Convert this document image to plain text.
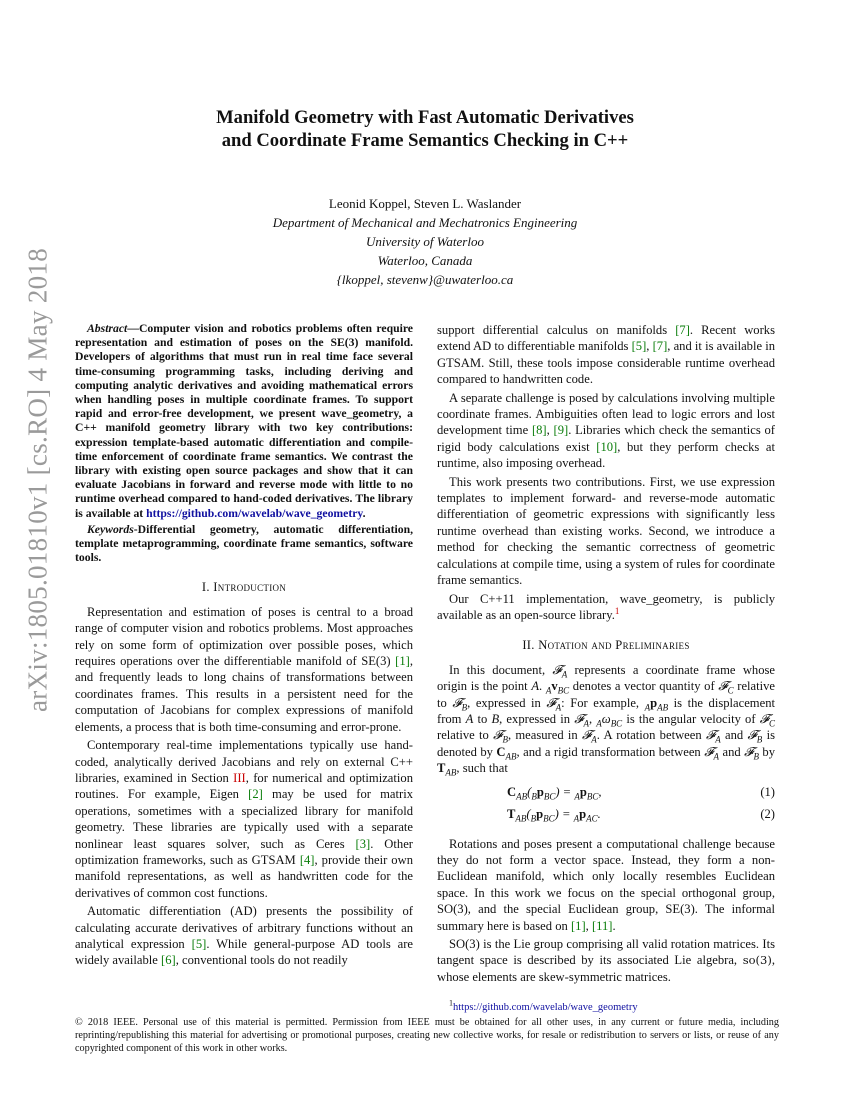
arXiv:1805.01810v1 [cs.RO] 4 May 2018
Manifold Geometry with Fast Automatic Derivatives
and Coordinate Frame Semantics Checking in C++
Leonid Koppel, Steven L. Waslander
Department of Mechanical and Mechatronics Engineering
University of Waterloo
Waterloo, Canada
{lkoppel, stevenw}@uwaterloo.ca

Abstract—Computer vision and robotics problems often require representation and estimation of poses on the SE(3) manifold. Developers of algorithms that must run in real time face several time-consuming programming tasks, including deriving and computing analytic derivatives and avoiding mathematical errors when handling poses in multiple coordinate frames. To support rapid and error-free development, we present wave_geometry, a C++ manifold geometry library with two key contributions: expression template-based automatic differentiation and compile-time enforcement of coordinate frame semantics. We contrast the library with existing open source packages and show that it can evaluate Jacobians in forward and reverse mode with little to no runtime overhead compared to hand-coded derivatives. The library is available at https://github.com/wavelab/wave_geometry.

Keywords-Differential geometry, automatic differentiation, template metaprogramming, coordinate frame semantics, software tools.

I. Introduction

Representation and estimation of poses is central to a broad range of computer vision and robotics problems. Most approaches rely on some form of optimization over possible poses, which requires operations over the differentiable manifold of SE(3) [1], and frequently leads to long chains of transformations between coordinates frames. This results in a persistent need for the computation of Jacobians for complex expressions of manifold elements, a process that is both time-consuming and error-prone.

Contemporary real-time implementations typically use hand-coded, analytically derived Jacobians and rely on external C++ libraries, examined in Section III, for numerical and optimization routines. For example, Eigen [2] may be used for matrix operations, sometimes with a specialized library for manifold geometry. These libraries are typically used with a separate nonlinear least squares solver, such as Ceres [3]. Other optimization frameworks, such as GTSAM [4], provide their own manifold representations, as well as handwritten code for the derivatives of common cost functions.

Automatic differentiation (AD) presents the possibility of calculating accurate derivatives of arbitrary functions without an analytical expression [5]. While general-purpose AD tools are widely available [6], conventional tools do not readily

support differential calculus on manifolds [7]. Recent works extend AD to differentiable manifolds [5], [7], and it is available in GTSAM. Still, these tools impose considerable runtime overhead compared to handwritten code.

A separate challenge is posed by calculations involving multiple coordinate frames. Ambiguities often lead to logic errors and lost development time [8], [9]. Libraries which check the semantics of rigid body calculations exist [10], but they perform checks at runtime, also imposing overhead.

This work presents two contributions. First, we use expression templates to implement forward- and reverse-mode automatic differentiation of geometric expressions with significantly less runtime overhead than existing works. Second, we introduce a method for checking the semantic correctness of geometric calculations at compile time, using a system of rules for coordinate frame semantics.

Our C++11 implementation, wave_geometry, is publicly available as an open-source library.$^1$

II. Notation and Preliminaries

In this document, 𝓕$_A$ represents a coordinate frame whose origin is the point A. $_Av_{BC}$ denotes a vector quantity of 𝓕$_C$ relative to 𝓕$_B$, expressed in 𝓕$_A$: For example, $_Ap_{AB}$ is the displacement from A to B, expressed in 𝓕$_A$, $_A\omega_{BC}$ is the angular velocity of 𝓕$_C$ relative to 𝓕$_B$, measured in 𝓕$_A$. A rotation between 𝓕$_A$ and 𝓕$_B$ is denoted by $C_{AB}$, and a rigid transformation between 𝓕$_A$ and 𝓕$_B$ by $T_{AB}$, such that

$C_{AB}(_Bp_{BC}) = _Ap_{BC}$,	(1)
$T_{AB}(_Bp_{BC}) = _Ap_{AC}$.	(2)

Rotations and poses present a computational challenge because they do not form a vector space. Instead, they form a non-Euclidean manifold, which only locally resembles Euclidean space. In this work we focus on the special orthogonal group, SO(3), and the special Euclidean group, SE(3). The informal summary here is based on [1], [11].

SO(3) is the Lie group comprising all valid rotation matrices. Its tangent space is described by its associated Lie algebra, so(3), whose elements are skew-symmetric matrices.

$^1$https://github.com/wavelab/wave_geometry
© 2018 IEEE. Personal use of this material is permitted. Permission from IEEE must be obtained for all other uses, in any current or future media, including reprinting/republishing this material for advertising or promotional purposes, creating new collective works, for resale or redistribution to servers or lists, or reuse of any copyrighted component of this work in other works.
